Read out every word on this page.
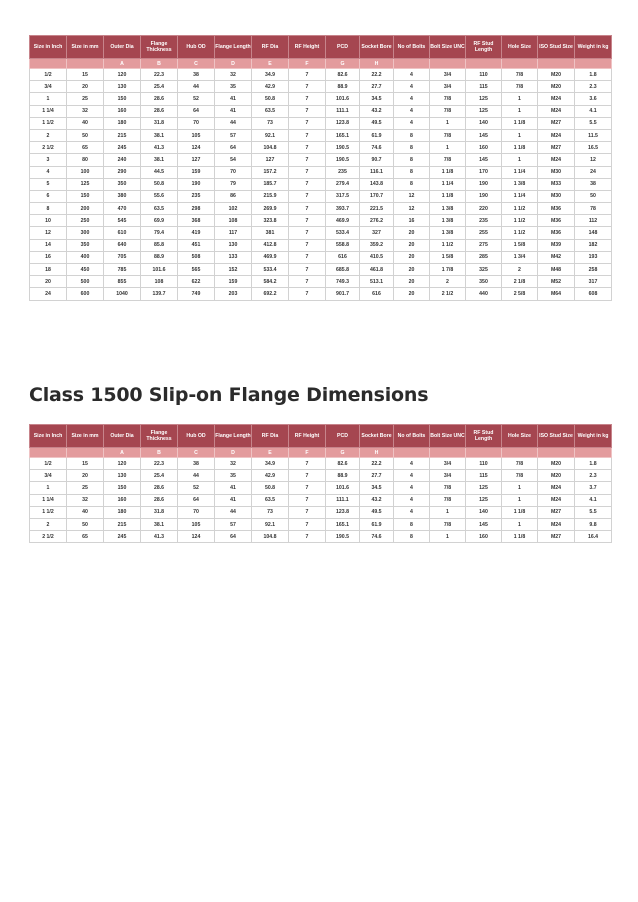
Size in Inch	Size in mm	Outer Dia	Flange Thickness	Hub OD	Flange Length	RF Dia	RF Height	PCD	Socket Bore	No of Bolts	Bolt Size UNC	RF Stud Length	Hole Size	ISO Stud Size	Weight in kg
		A	B	C	D	E	F	G	H						
1/2	15	120	22.3	38	32	34.9	7	82.6	22.2	4	3/4	110	7/8	M20	1.8
3/4	20	130	25.4	44	35	42.9	7	88.9	27.7	4	3/4	115	7/8	M20	2.3
1	25	150	28.6	52	41	50.8	7	101.6	34.5	4	7/8	125	1	M24	3.6
1 1/4	32	160	28.6	64	41	63.5	7	111.1	43.2	4	7/8	125	1	M24	4.1
1 1/2	40	180	31.8	70	44	73	7	123.8	49.5	4	1	140	1 1/8	M27	5.5
2	50	215	38.1	105	57	92.1	7	165.1	61.9	8	7/8	145	1	M24	11.5
2 1/2	65	245	41.3	124	64	104.8	7	190.5	74.6	8	1	160	1 1/8	M27	16.5
3	80	240	38.1	127	54	127	7	190.5	90.7	8	7/8	145	1	M24	12
4	100	290	44.5	159	70	157.2	7	235	116.1	8	1 1/8	170	1 1/4	M30	24
5	125	350	50.8	190	79	185.7	7	279.4	143.8	8	1 1/4	190	1 3/8	M33	38
6	150	380	55.6	235	86	215.9	7	317.5	170.7	12	1 1/8	190	1 1/4	M30	50
8	200	470	63.5	298	102	269.9	7	393.7	221.5	12	1 3/8	220	1 1/2	M36	78
10	250	545	69.9	368	108	323.8	7	469.9	276.2	16	1 3/8	235	1 1/2	M36	112
12	300	610	79.4	419	117	381	7	533.4	327	20	1 3/8	255	1 1/2	M36	148
14	350	640	85.8	451	130	412.8	7	558.8	359.2	20	1 1/2	275	1 5/8	M39	182
16	400	705	88.9	508	133	469.9	7	616	410.5	20	1 5/8	285	1 3/4	M42	193
18	450	785	101.6	565	152	533.4	7	685.8	461.8	20	1 7/8	325	2	M48	258
20	500	855	108	622	159	584.2	7	749.3	513.1	20	2	350	2 1/8	M52	317
24	600	1040	139.7	749	203	692.2	7	901.7	616	20	2 1/2	440	2 5/8	M64	608
Class 1500 Slip-on Flange Dimensions
Size in Inch	Size in mm	Outer Dia	Flange Thickness	Hub OD	Flange Length	RF Dia	RF Height	PCD	Socket Bore	No of Bolts	Bolt Size UNC	RF Stud Length	Hole Size	ISO Stud Size	Weight in kg
		A	B	C	D	E	F	G	H						
1/2	15	120	22.3	38	32	34.9	7	82.6	22.2	4	3/4	110	7/8	M20	1.8
3/4	20	130	25.4	44	35	42.9	7	88.9	27.7	4	3/4	115	7/8	M20	2.3
1	25	150	28.6	52	41	50.8	7	101.6	34.5	4	7/8	125	1	M24	3.7
1 1/4	32	160	28.6	64	41	63.5	7	111.1	43.2	4	7/8	125	1	M24	4.1
1 1/2	40	180	31.8	70	44	73	7	123.8	49.5	4	1	140	1 1/8	M27	5.5
2	50	215	38.1	105	57	92.1	7	165.1	61.9	8	7/8	145	1	M24	9.8
2 1/2	65	245	41.3	124	64	104.8	7	190.5	74.6	8	1	160	1 1/8	M27	16.4
